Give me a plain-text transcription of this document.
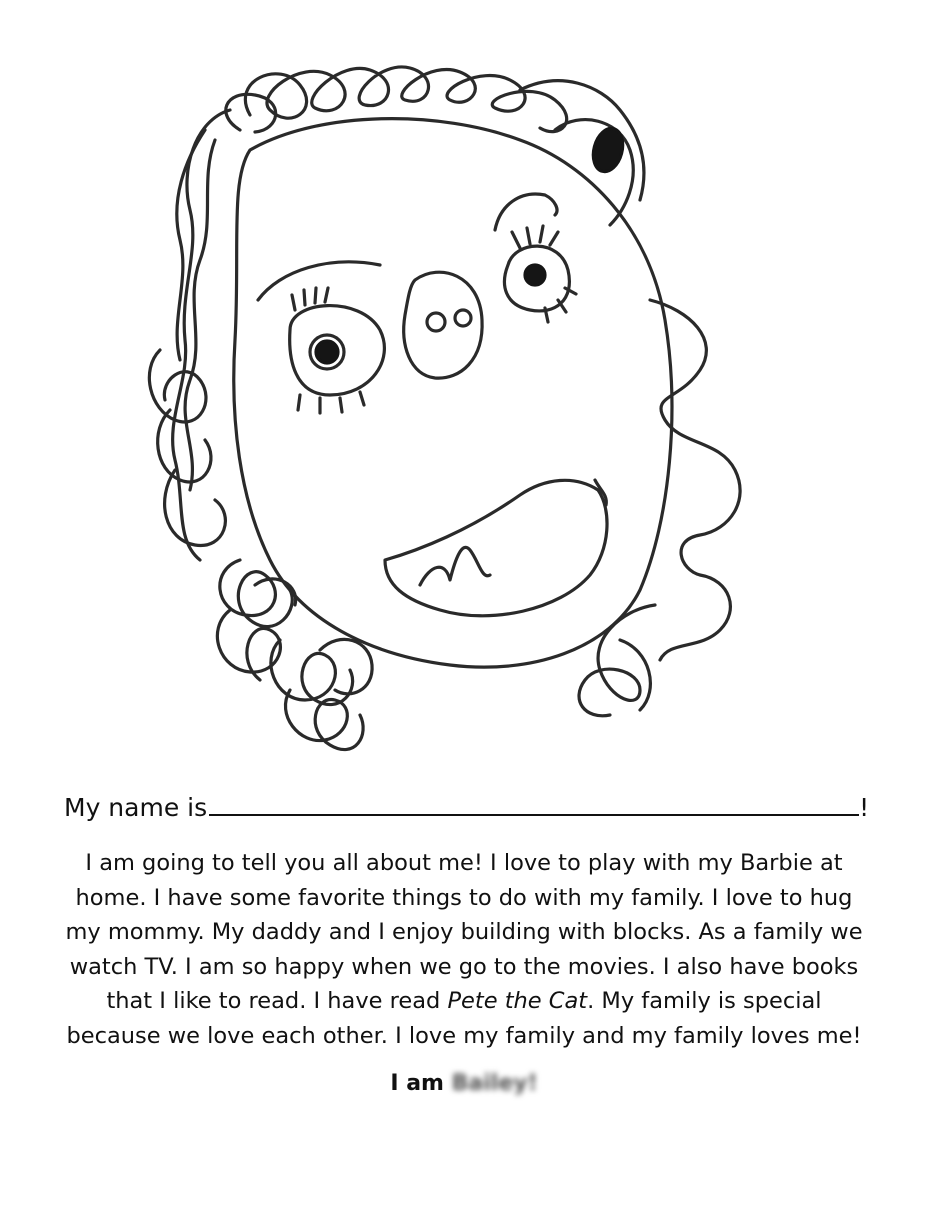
My name is	!

I am going to tell you all about me! I love to play with my Barbie at
home. I have some favorite things to do with my family. I love to hug
my mommy. My daddy and I enjoy building with blocks. As a family we
watch TV. I am so happy when we go to the movies. I also have books
that I like to read. I have read Pete the Cat. My family is special
because we love each other. I love my family and my family loves me!

I am Bailey!
